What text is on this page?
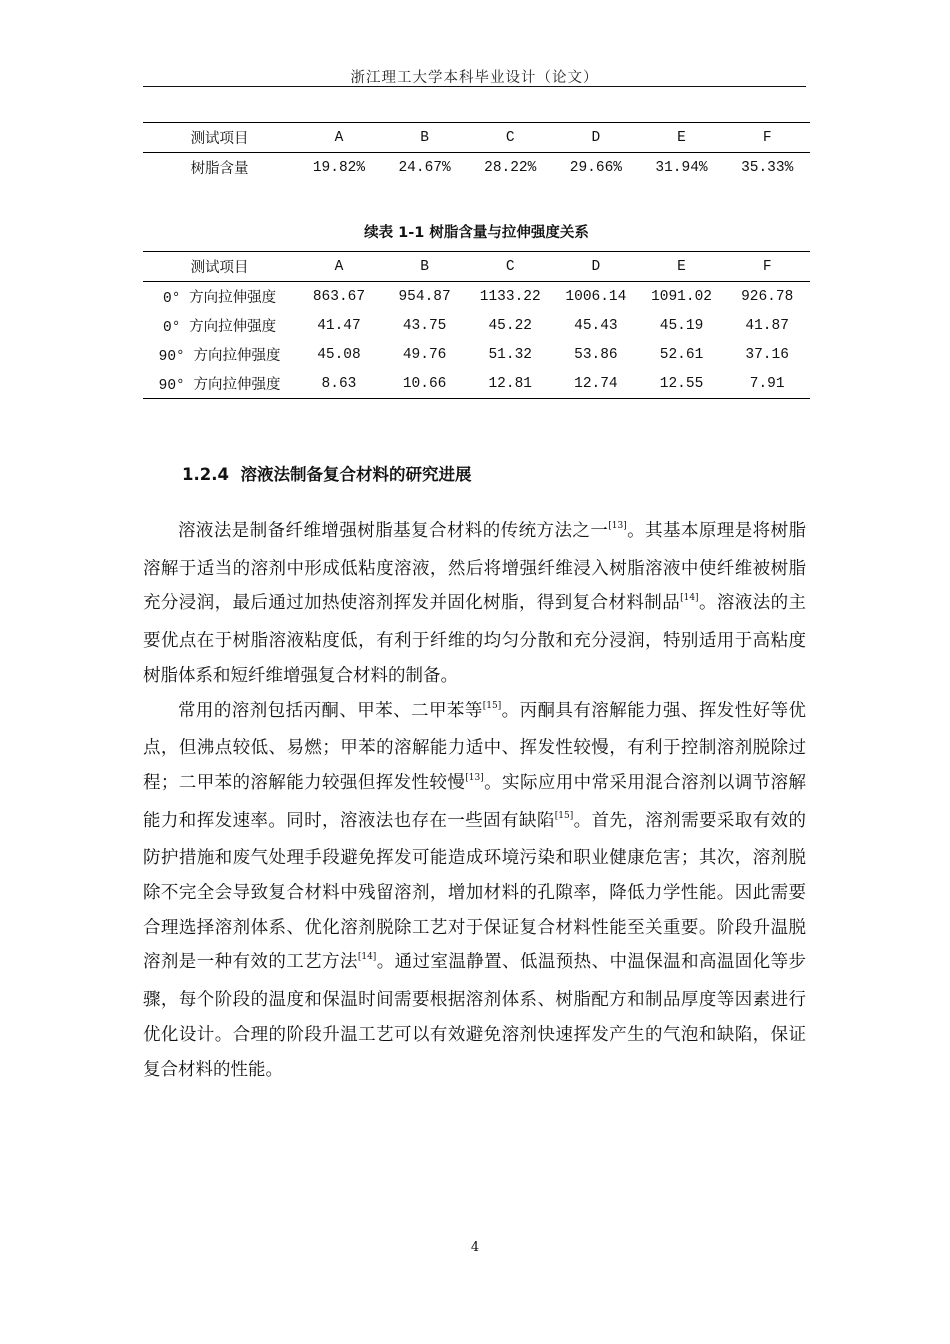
浙江理工大学本科毕业设计（论文）
测试项目	A	B	C	D	E	F
树脂含量	19.82%	24.67%	28.22%	29.66%	31.94%	35.33%
续表 1-1 树脂含量与拉伸强度关系
测试项目	A	B	C	D	E	F
0° 方向拉伸强度	863.67	954.87	1133.22	1006.14	1091.02	926.78
0° 方向拉伸强度	41.47	43.75	45.22	45.43	45.19	41.87
90° 方向拉伸强度	45.08	49.76	51.32	53.86	52.61	37.16
90° 方向拉伸强度	8.63	10.66	12.81	12.74	12.55	7.91
1.2.4 溶液法制备复合材料的研究进展

溶液法是制备纤维增强树脂基复合材料的传统方法之一[13]。其基本原理是将树脂溶解于适当的溶剂中形成低粘度溶液，然后将增强纤维浸入树脂溶液中使纤维被树脂充分浸润，最后通过加热使溶剂挥发并固化树脂，得到复合材料制品[14]。溶液法的主要优点在于树脂溶液粘度低，有利于纤维的均匀分散和充分浸润，特别适用于高粘度树脂体系和短纤维增强复合材料的制备。

常用的溶剂包括丙酮、甲苯、二甲苯等[15]。丙酮具有溶解能力强、挥发性好等优点，但沸点较低、易燃；甲苯的溶解能力适中、挥发性较慢，有利于控制溶剂脱除过程；二甲苯的溶解能力较强但挥发性较慢[13]。实际应用中常采用混合溶剂以调节溶解能力和挥发速率。同时，溶液法也存在一些固有缺陷[15]。首先，溶剂需要采取有效的防护措施和废气处理手段避免挥发可能造成环境污染和职业健康危害；其次，溶剂脱除不完全会导致复合材料中残留溶剂，增加材料的孔隙率，降低力学性能。因此需要合理选择溶剂体系、优化溶剂脱除工艺对于保证复合材料性能至关重要。阶段升温脱溶剂是一种有效的工艺方法[14]。通过室温静置、低温预热、中温保温和高温固化等步骤，每个阶段的温度和保温时间需要根据溶剂体系、树脂配方和制品厚度等因素进行优化设计。合理的阶段升温工艺可以有效避免溶剂快速挥发产生的气泡和缺陷，保证复合材料的性能。

4
